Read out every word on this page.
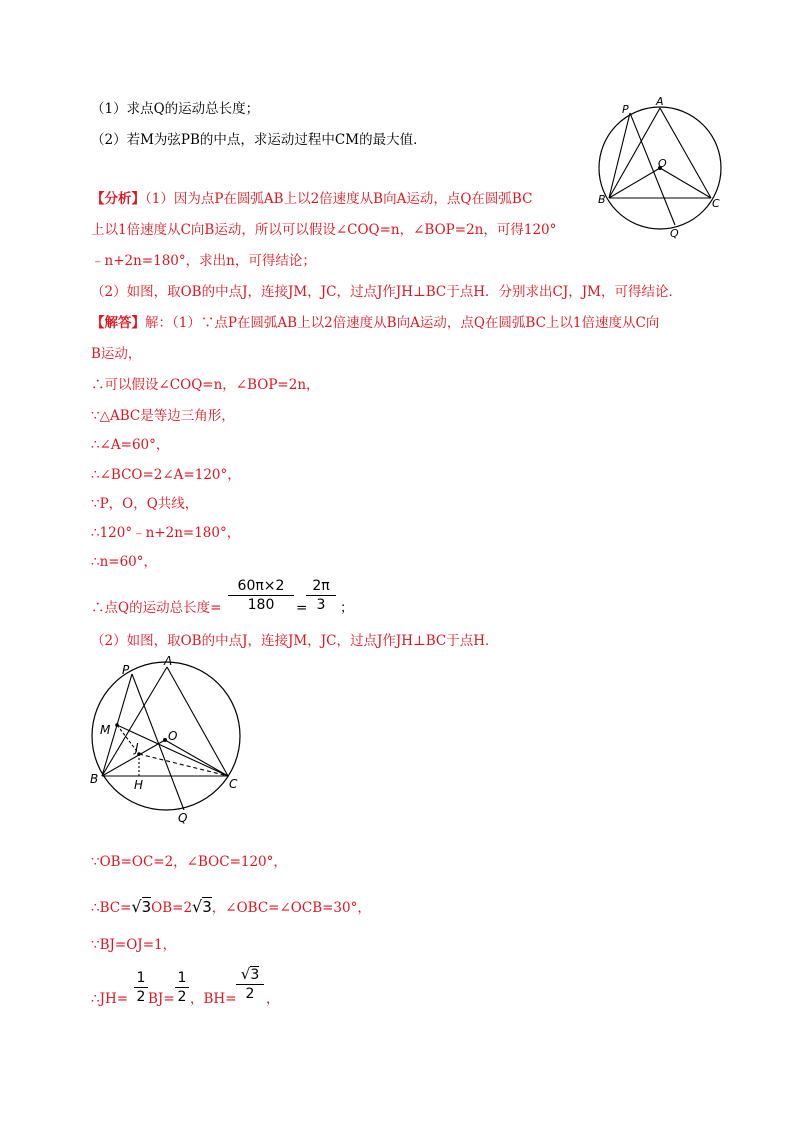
（1）求点Q的运动总长度；
（2）若M为弦PB的中点，求运动过程中CM的最大值．
A
P
O
B	C
Q
【分析】（1）因为点P在圆弧AB上以2倍速度从B向A运动，点Q在圆弧BC
上以1倍速度从C向B运动，所以可以假设∠COQ=n，∠BOP=2n，可得120°
﹣n+2n=180°，求出n，可得结论；
（2）如图，取OB的中点J，连接JM，JC，过点J作JH⊥BC于点H．分别求出CJ，JM，可得结论．
【解答】解：（1）∵点P在圆弧AB上以2倍速度从B向A运动，点Q在圆弧BC上以1倍速度从C向
B运动，
∴可以假设∠COQ=n，∠BOP=2n，
∵△ABC是等边三角形，
∴∠A=60°，
∴∠BCO=2∠A=120°，
∵P，O，Q共线，
∴120°﹣n+2n=180°，
∴n=60°，
∴点Q的运动总长度=
60π×2
180	=
2π
3	；
（2）如图，取OB的中点J，连接JM，JC，过点J作JH⊥BC于点H．
A
P
M	O
J
B	H	C
Q
∵OB=OC=2，∠BOC=120°，
∴BC=√3OB=2√3，∠OBC=∠OCB=30°，
∵BJ=OJ=1，
∴JH=
1
2 BJ=
1
2 ，BH=
√3
2 ，
